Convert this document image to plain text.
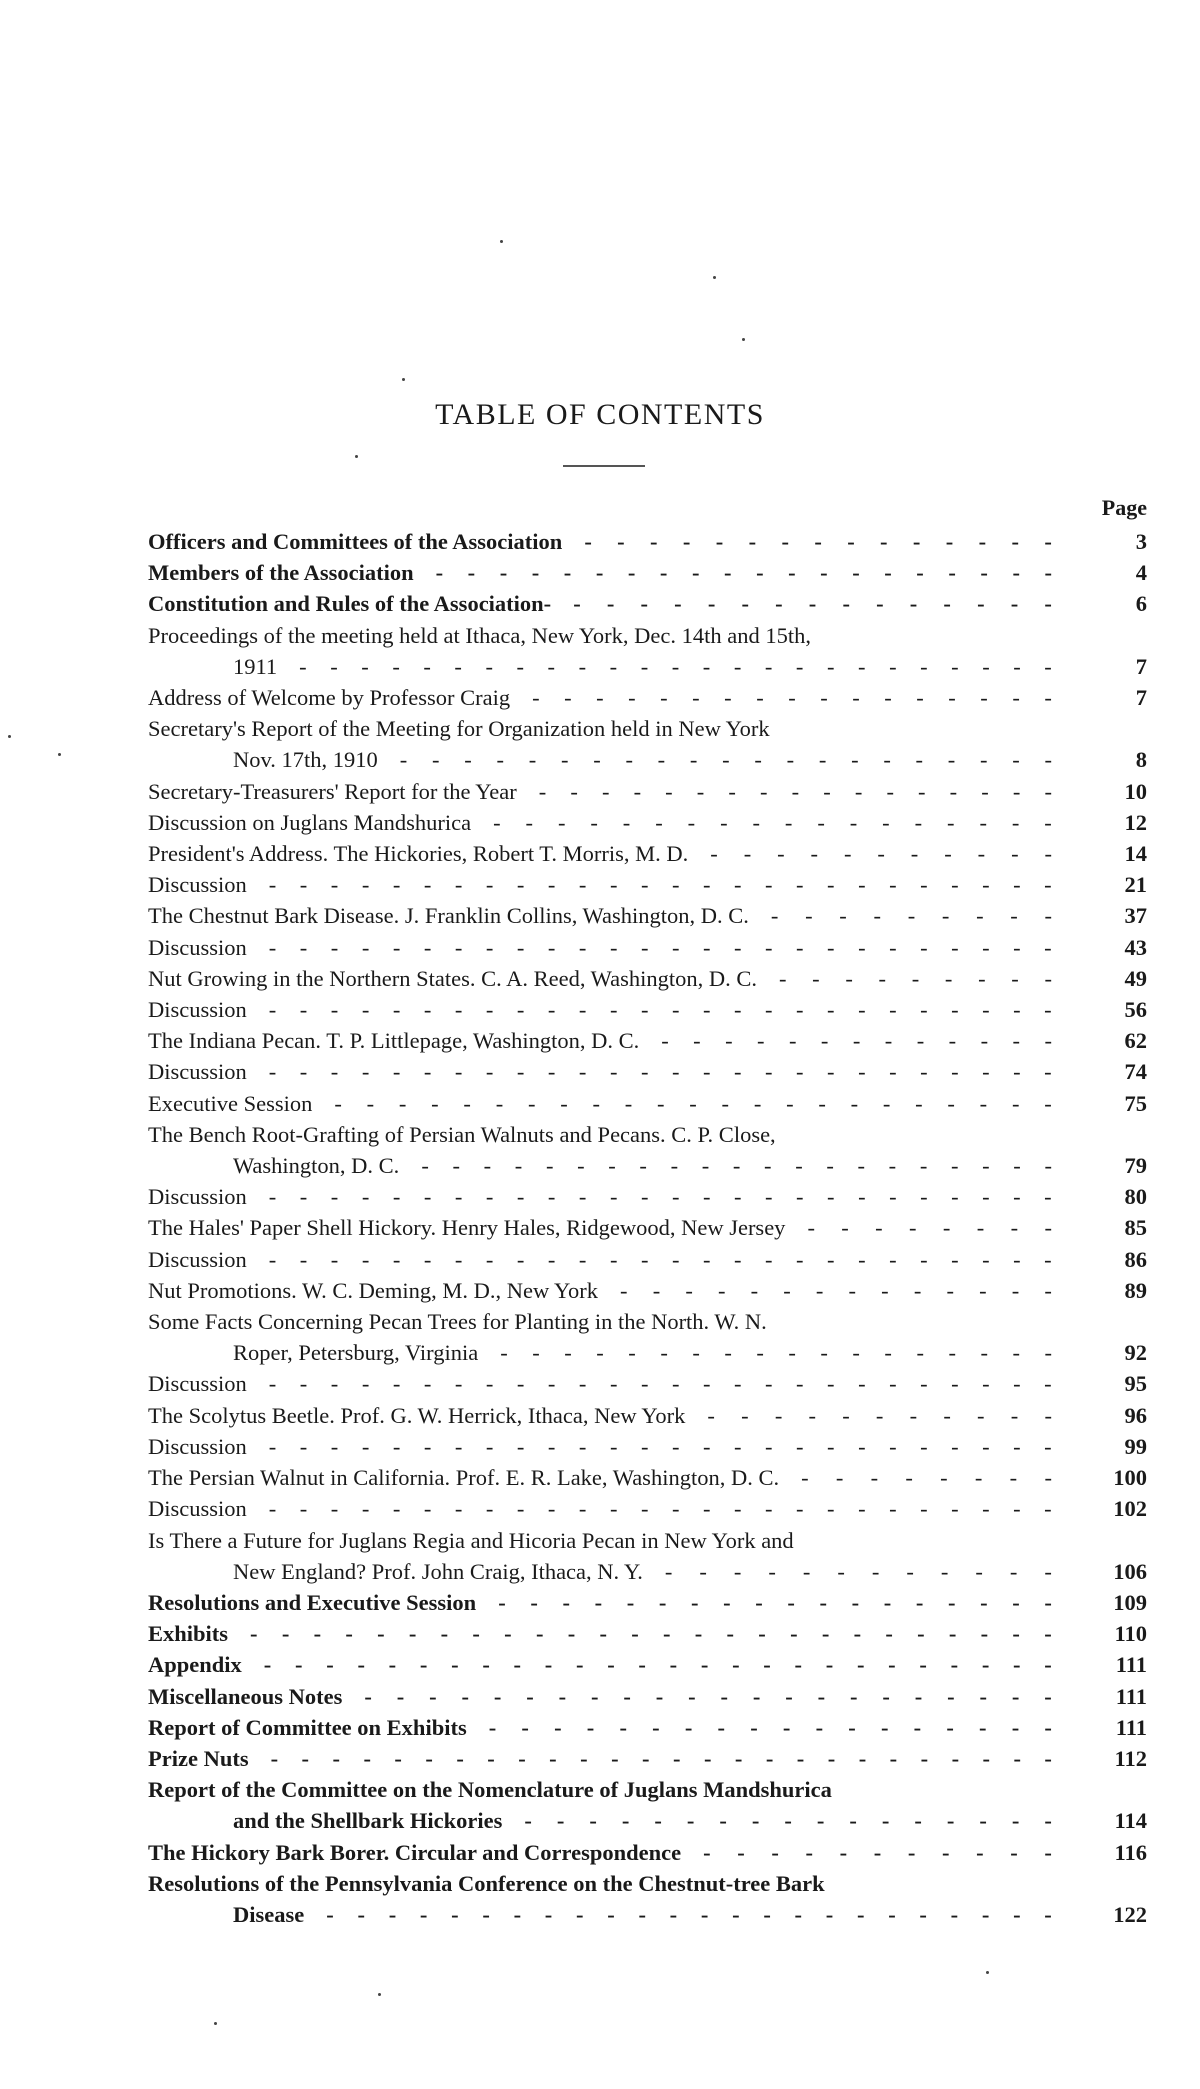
TABLE OF CONTENTS
Page
Officers and Committees of the Association	3
- - - - - - - - - - - - - - -
Members of the Association	4
- - - - - - - - - - - - - - - - - - - -
Constitution and Rules of the Association-	6
- - - - - - - - - - - - - - -
Proceedings of the meeting held at Ithaca, New York, Dec. 14th and 15th,
1911	7
- - - - - - - - - - - - - - - - - - - - - - - - -
Address of Welcome by Professor Craig	7
- - - - - - - - - - - - - - - - -
Secretary's Report of the Meeting for Organization held in New York
Nov. 17th, 1910	8
- - - - - - - - - - - - - - - - - - - - -
Secretary-Treasurers' Report for the Year	10
- - - - - - - - - - - - - - - - -
Discussion on Juglans Mandshurica	12
- - - - - - - - - - - - - - - - - -
President's Address. The Hickories, Robert T. Morris, M. D.	14
- - - - - - - - - - -
Discussion	21
- - - - - - - - - - - - - - - - - - - - - - - - - -
The Chestnut Bark Disease. J. Franklin Collins, Washington, D. C.	37
- - - - - - - - -
Discussion	43
- - - - - - - - - - - - - - - - - - - - - - - - - -
Nut Growing in the Northern States. C. A. Reed, Washington, D. C.	49
- - - - - - - - -
Discussion	56
- - - - - - - - - - - - - - - - - - - - - - - - - -
The Indiana Pecan. T. P. Littlepage, Washington, D. C.	62
- - - - - - - - - - - - -
Discussion	74
- - - - - - - - - - - - - - - - - - - - - - - - - -
Executive Session	75
- - - - - - - - - - - - - - - - - - - - - - -
The Bench Root-Grafting of Persian Walnuts and Pecans. C. P. Close,
Washington, D. C.	79
- - - - - - - - - - - - - - - - - - - - -
Discussion	80
- - - - - - - - - - - - - - - - - - - - - - - - - -
The Hales' Paper Shell Hickory. Henry Hales, Ridgewood, New Jersey	85
- - - - - - - -
Discussion	86
- - - - - - - - - - - - - - - - - - - - - - - - - -
Nut Promotions. W. C. Deming, M. D., New York	89
- - - - - - - - - - - - - -
Some Facts Concerning Pecan Trees for Planting in the North. W. N.
Roper, Petersburg, Virginia	92
- - - - - - - - - - - - - - - - - -
Discussion	95
- - - - - - - - - - - - - - - - - - - - - - - - - -
The Scolytus Beetle. Prof. G. W. Herrick, Ithaca, New York	96
- - - - - - - - - - -
Discussion	99
- - - - - - - - - - - - - - - - - - - - - - - - - -
The Persian Walnut in California. Prof. E. R. Lake, Washington, D. C.	100
- - - - - - - -
Discussion	102
- - - - - - - - - - - - - - - - - - - - - - - - - -
Is There a Future for Juglans Regia and Hicoria Pecan in New York and
New England? Prof. John Craig, Ithaca, N. Y.	106
- - - - - - - - - - - -
Resolutions and Executive Session	109
- - - - - - - - - - - - - - - - - -
Exhibits	110
- - - - - - - - - - - - - - - - - - - - - - - - - -
Appendix	111
- - - - - - - - - - - - - - - - - - - - - - - - - -
Miscellaneous Notes	111
- - - - - - - - - - - - - - - - - - - - - -
Report of Committee on Exhibits	111
- - - - - - - - - - - - - - - - - -
Prize Nuts	112
- - - - - - - - - - - - - - - - - - - - - - - - - -
Report of the Committee on the Nomenclature of Juglans Mandshurica
and the Shellbark Hickories	114
- - - - - - - - - - - - - - - - -
The Hickory Bark Borer. Circular and Correspondence	116
- - - - - - - - - - -
Resolutions of the Pennsylvania Conference on the Chestnut-tree Bark
Disease	122
- - - - - - - - - - - - - - - - - - - - - - - -
